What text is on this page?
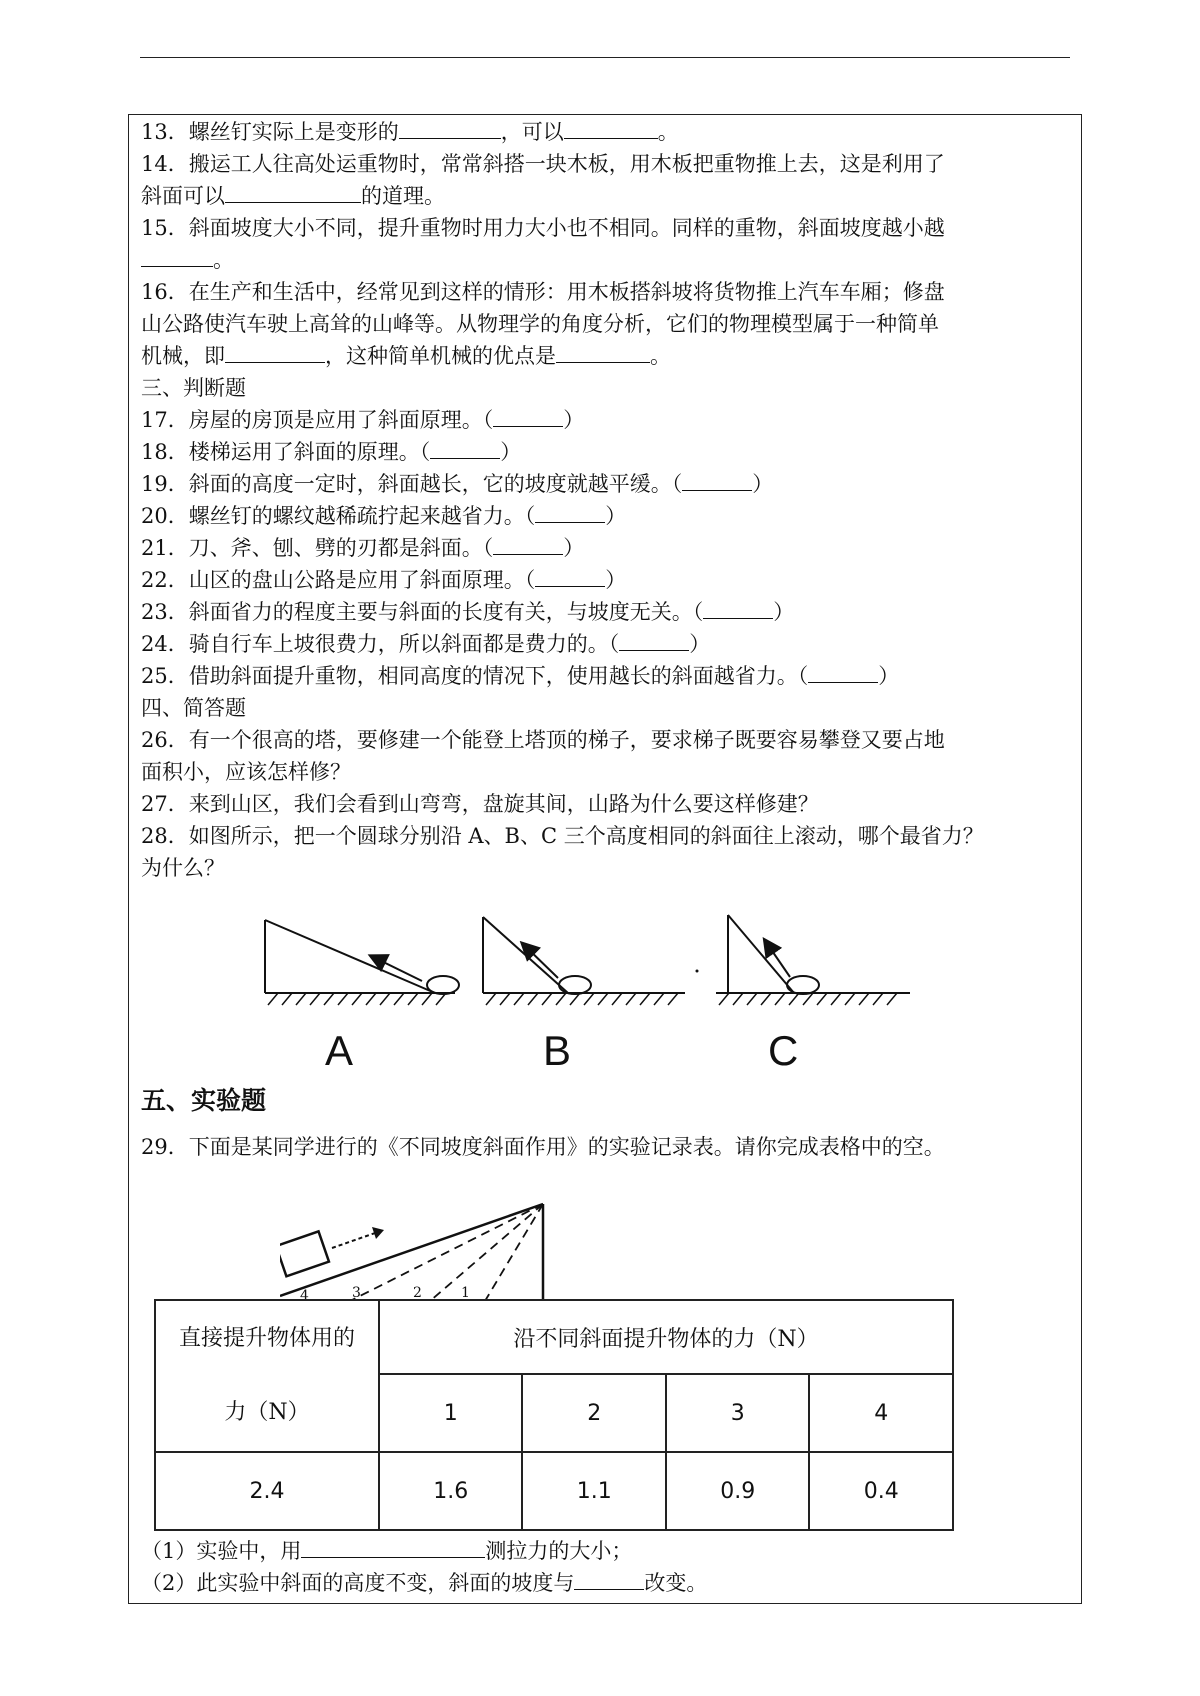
13．螺丝钉实际上是变形的	，可以	。
14．搬运工人往高处运重物时，常常斜搭一块木板，用木板把重物推上去，这是利用了
斜面可以	的道理。
15．斜面坡度大小不同，提升重物时用力大小也不相同。同样的重物，斜面坡度越小越
。
16．在生产和生活中，经常见到这样的情形：用木板搭斜坡将货物推上汽车车厢；修盘
山公路使汽车驶上高耸的山峰等。从物理学的角度分析，它们的物理模型属于一种简单
机械，即	，这种简单机械的优点是	。
三、判断题
17．房屋的房顶是应用了斜面原理。（	）
18．楼梯运用了斜面的原理。（	）
19．斜面的高度一定时，斜面越长，它的坡度就越平缓。（	）
20．螺丝钉的螺纹越稀疏拧起来越省力。（	）
21．刀、斧、刨、劈的刃都是斜面。（	）
22．山区的盘山公路是应用了斜面原理。（	）
23．斜面省力的程度主要与斜面的长度有关，与坡度无关。（	）
24．骑自行车上坡很费力，所以斜面都是费力的。（	）
25．借助斜面提升重物，相同高度的情况下，使用越长的斜面越省力。（	）
四、简答题
26．有一个很高的塔，要修建一个能登上塔顶的梯子，要求梯子既要容易攀登又要占地
面积小，应该怎样修？
27．来到山区，我们会看到山弯弯，盘旋其间，山路为什么要这样修建？
28．如图所示，把一个圆球分别沿 A、B、C 三个高度相同的斜面往上滚动，哪个最省力？
为什么？
A	B	C
五、实验题
29．下面是某同学进行的《不同坡度斜面作用》的实验记录表。请你完成表格中的空。
4	3	2	1
直接提升物体用的
力（N）	沿不同斜面提升物体的力（N）			
	1	2	3	4
2.4	1.6	1.1	0.9	0.4
（1）实验中，用	测拉力的大小；
（2）此实验中斜面的高度不变，斜面的坡度与	改变。
